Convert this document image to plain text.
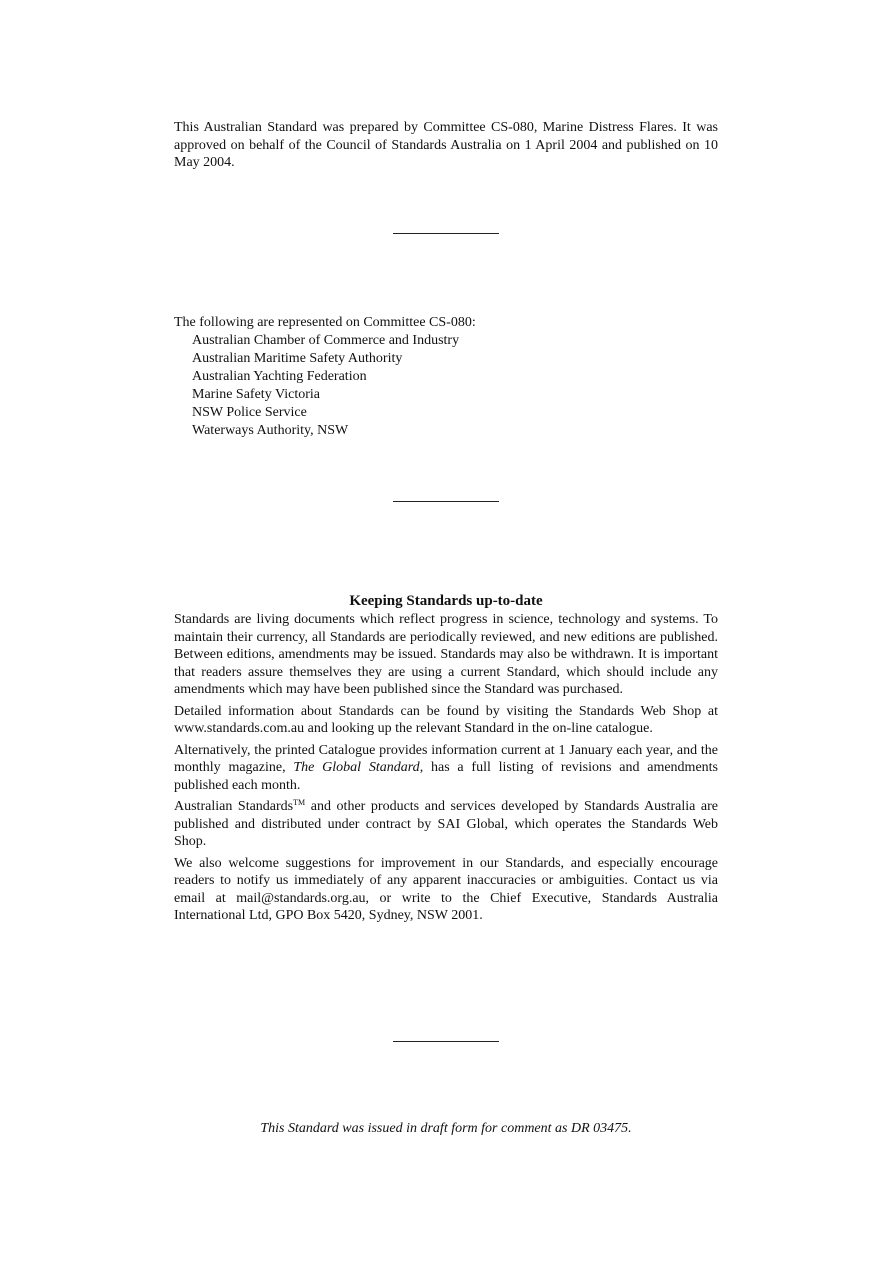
This Australian Standard was prepared by Committee CS-080, Marine Distress Flares. It was approved on behalf of the Council of Standards Australia on 1 April 2004 and published on 10 May 2004.

The following are represented on Committee CS-080:
Australian Chamber of Commerce and Industry
Australian Maritime Safety Authority
Australian Yachting Federation
Marine Safety Victoria
NSW Police Service
Waterways Authority, NSW
Keeping Standards up-to-date

Standards are living documents which reflect progress in science, technology and systems. To maintain their currency, all Standards are periodically reviewed, and new editions are published. Between editions, amendments may be issued. Standards may also be withdrawn. It is important that readers assure themselves they are using a current Standard, which should include any amendments which may have been published since the Standard was purchased.

Detailed information about Standards can be found by visiting the Standards Web Shop at www.standards.com.au and looking up the relevant Standard in the on-line catalogue.

Alternatively, the printed Catalogue provides information current at 1 January each year, and the monthly magazine, The Global Standard, has a full listing of revisions and amendments published each month.

Australian Standards™ and other products and services developed by Standards Australia are published and distributed under contract by SAI Global, which operates the Standards Web Shop.

We also welcome suggestions for improvement in our Standards, and especially encourage readers to notify us immediately of any apparent inaccuracies or ambiguities. Contact us via email at mail@standards.org.au, or write to the Chief Executive, Standards Australia International Ltd, GPO Box 5420, Sydney, NSW 2001.

This Standard was issued in draft form for comment as DR 03475.
